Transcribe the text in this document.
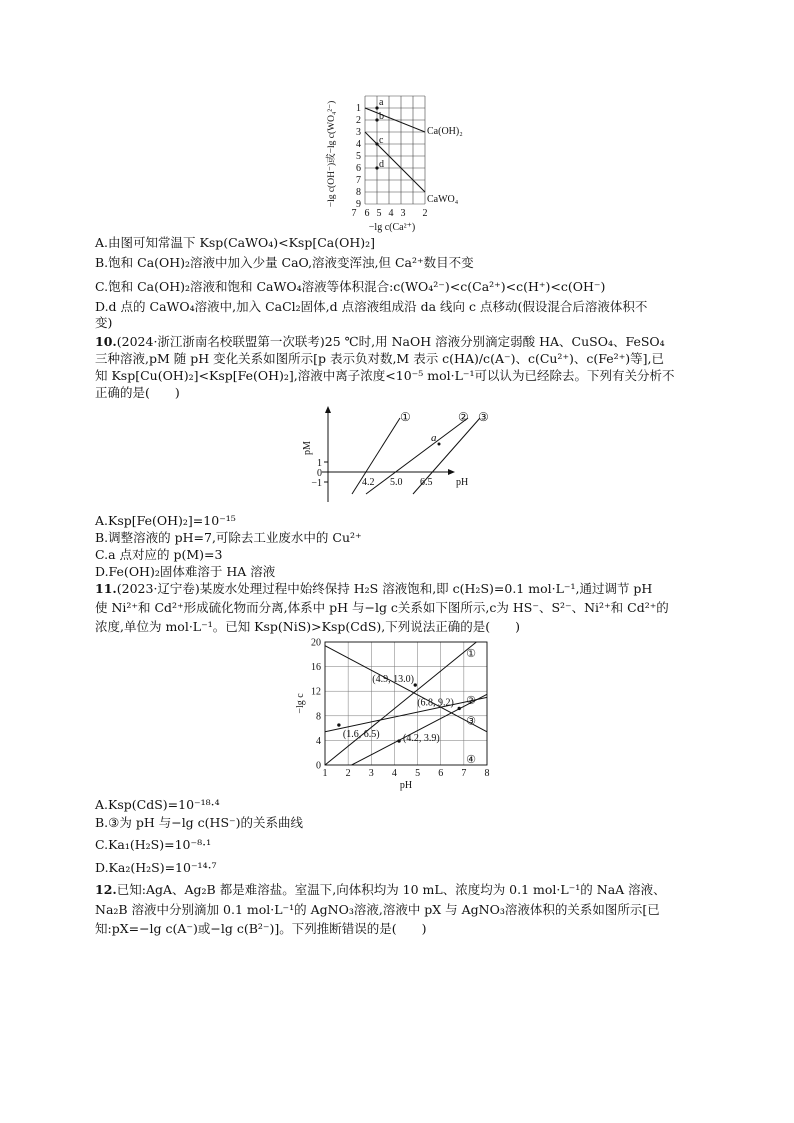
Ca(OH)₂
CaWO₄
a
b
c
d
1
2
3
4
5
6
7
8
9
7 6 5 4 3 2
−lg c(Ca²⁺)
−lg c(OH⁻)或−lg c(WO₄²⁻)
A.由图可知常温下 Ksp(CaWO₄)<Ksp[Ca(OH)₂]
B.饱和 Ca(OH)₂溶液中加入少量 CaO,溶液变浑浊,但 Ca²⁺数目不变
C.饱和 Ca(OH)₂溶液和饱和 CaWO₄溶液等体积混合:c(WO₄²⁻)<c(Ca²⁺)<c(H⁺)<c(OH⁻)
D.d 点的 CaWO₄溶液中,加入 CaCl₂固体,d 点溶液组成沿 da 线向 c 点移动(假设混合后溶液体积不
变)
10.(2024·浙江浙南名校联盟第一次联考)25 ℃时,用 NaOH 溶液分别滴定弱酸 HA、CuSO₄、FeSO₄
三种溶液,pM 随 pH 变化关系如图所示[p 表示负对数,M 表示 c(HA)/c(A⁻)、c(Cu²⁺)、c(Fe²⁺)等],已
知 Ksp[Cu(OH)₂]<Ksp[Fe(OH)₂],溶液中离子浓度<10⁻⁵ mol·L⁻¹可以认为已经除去。下列有关分析不
正确的是(　　)
pM
1
0
−1	pH
a
①	② ③
4.2 5.0 6.5
A.Ksp[Fe(OH)₂]=10⁻¹⁵
B.调整溶液的 pH=7,可除去工业废水中的 Cu²⁺
C.a 点对应的 p(M)=3
D.Fe(OH)₂固体难溶于 HA 溶液
11.(2023·辽宁卷)某废水处理过程中始终保持 H₂S 溶液饱和,即 c(H₂S)=0.1 mol·L⁻¹,通过调节 pH
使 Ni²⁺和 Cd²⁺形成硫化物而分离,体系中 pH 与−lg c关系如下图所示,c为 HS⁻、S²⁻、Ni²⁺和 Cd²⁺的
浓度,单位为 mol·L⁻¹。已知 Ksp(NiS)>Ksp(CdS),下列说法正确的是(　　)
1 2 3 4 5 6 7 8
0
4
8
12
16
20
pH
−lg c
①
②
③
④
(4.9, 13.0)
(1.6, 6.5)
(6.8, 9.2)
(4.2, 3.9)
A.Ksp(CdS)=10⁻¹⁸·⁴
B.③为 pH 与−lg c(HS⁻)的关系曲线
C.Ka₁(H₂S)=10⁻⁸·¹
D.Ka₂(H₂S)=10⁻¹⁴·⁷
12.已知:AgA、Ag₂B 都是难溶盐。室温下,向体积均为 10 mL、浓度均为 0.1 mol·L⁻¹的 NaA 溶液、
Na₂B 溶液中分别滴加 0.1 mol·L⁻¹的 AgNO₃溶液,溶液中 pX 与 AgNO₃溶液体积的关系如图所示[已
知:pX=−lg c(A⁻)或−lg c(B²⁻)]。下列推断错误的是(　　)
